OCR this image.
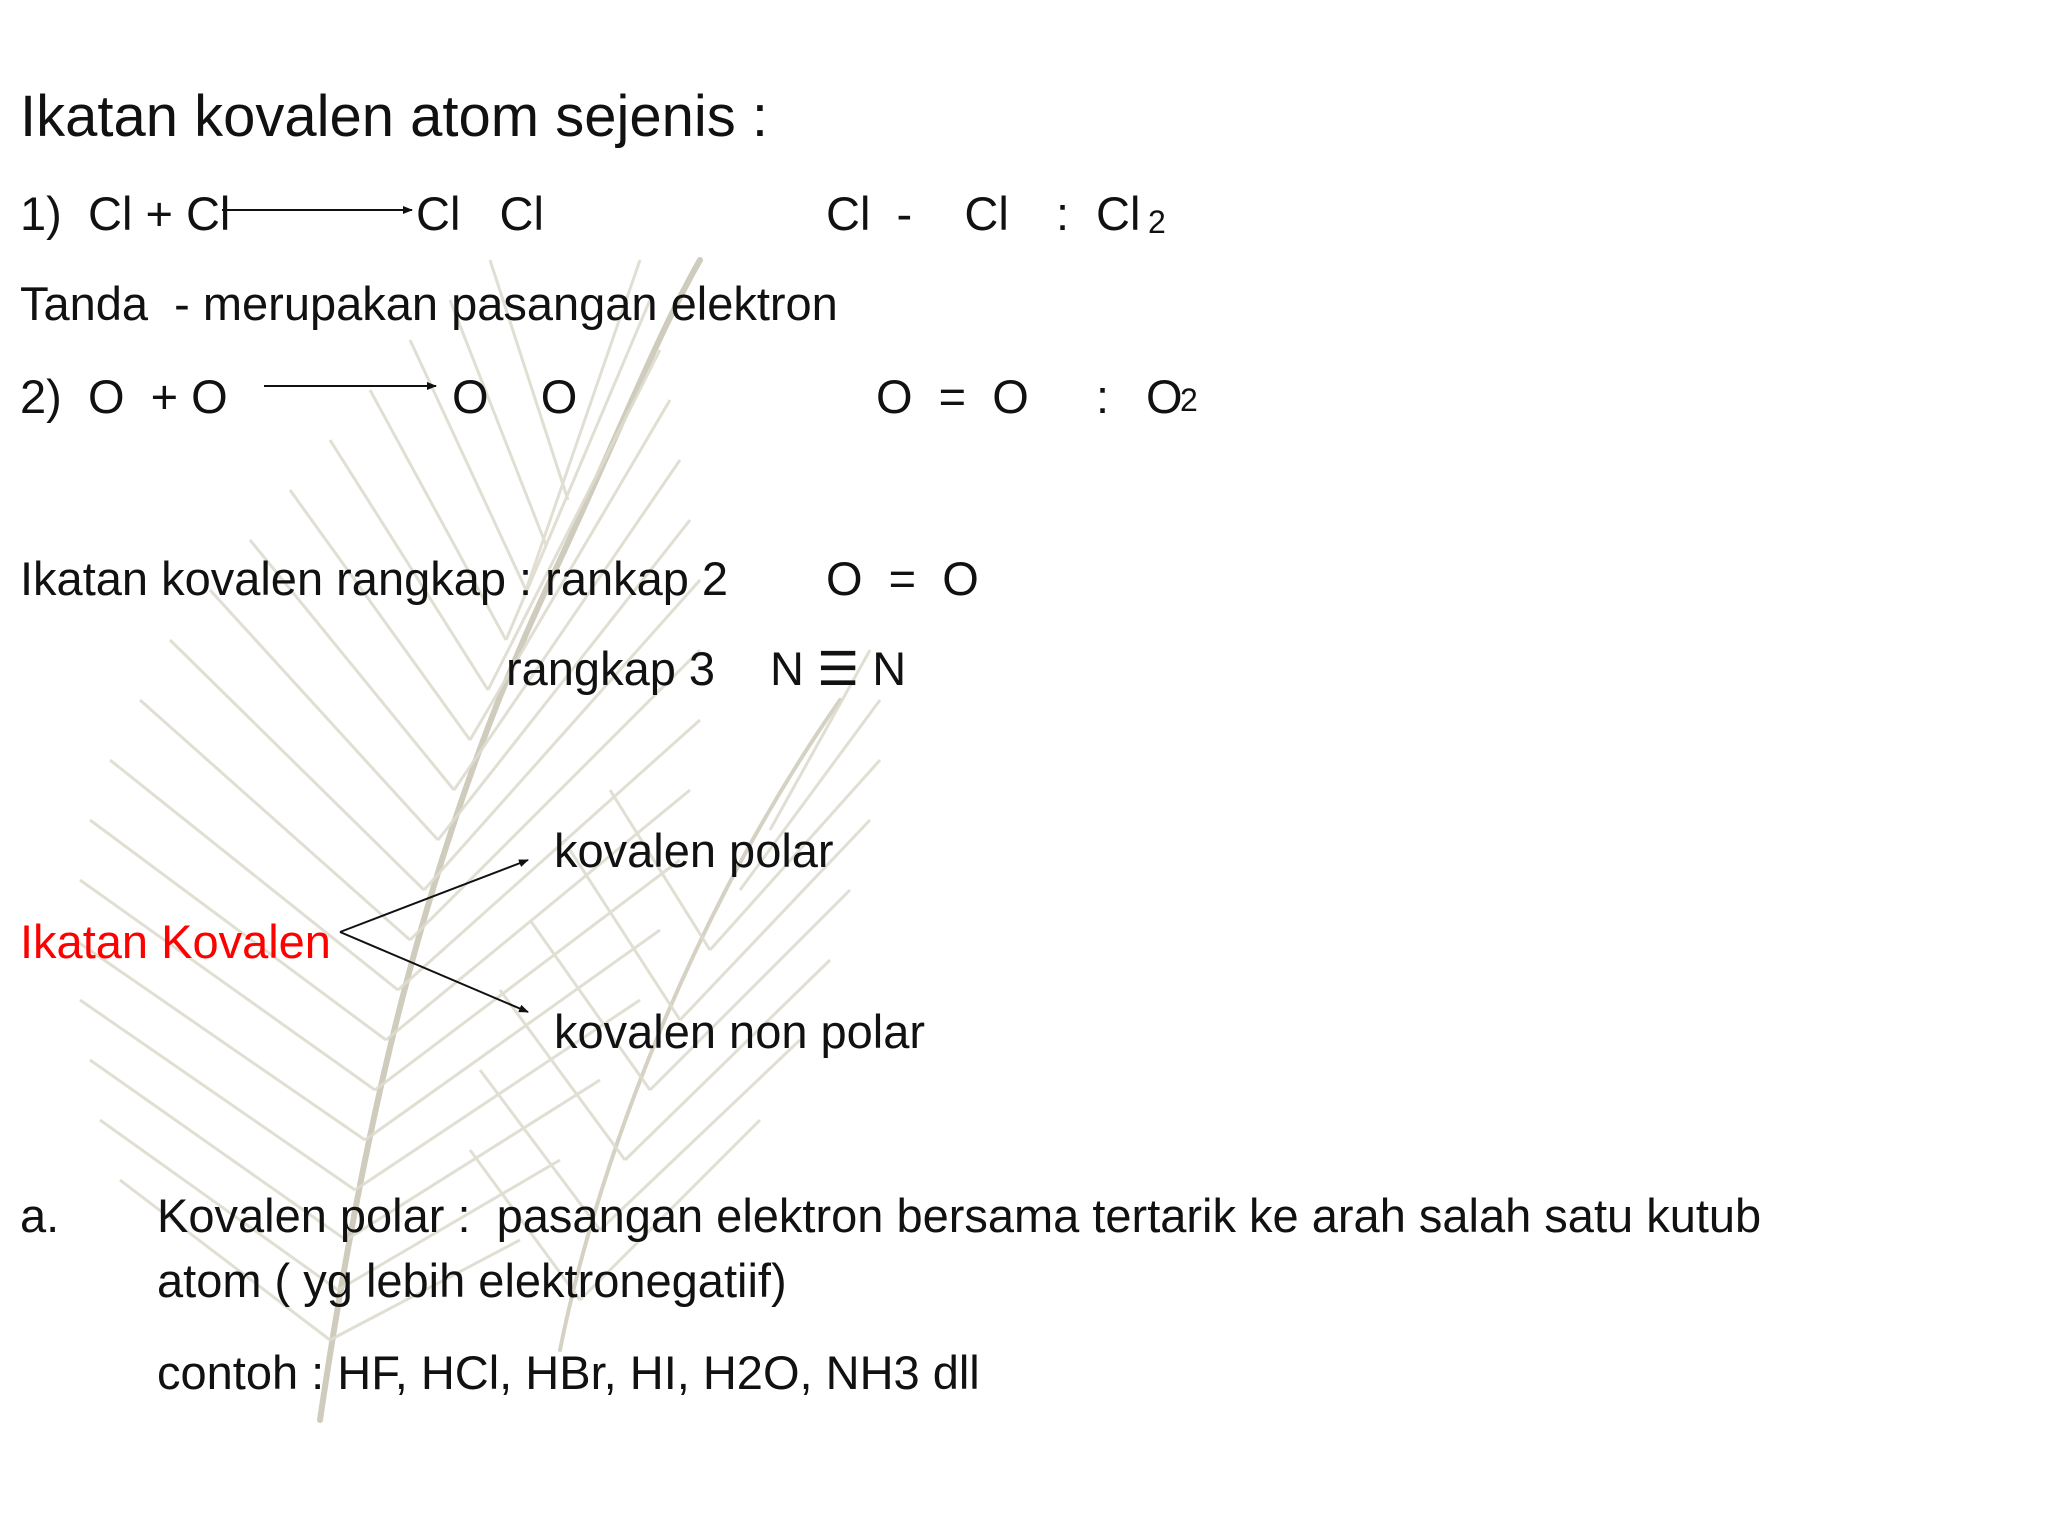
Ikatan kovalen atom sejenis :
1) Cl + Cl	Cl   Cl	Cl  -    Cl : Cl 2
Tanda  - merupakan pasangan elektron
2) O  + O	O    O	O  =  O : O
2
Ikatan kovalen rangkap : rankap 2 O  =  O
rangkap 3 N ☰ N
kovalen polar
Ikatan Kovalen
kovalen non polar
a. Kovalen polar :  pasangan elektron bersama tertarik ke arah salah satu kutub
atom ( yg lebih elektronegatiif)
contoh : HF, HCl, HBr, HI, H2O, NH3 dll
